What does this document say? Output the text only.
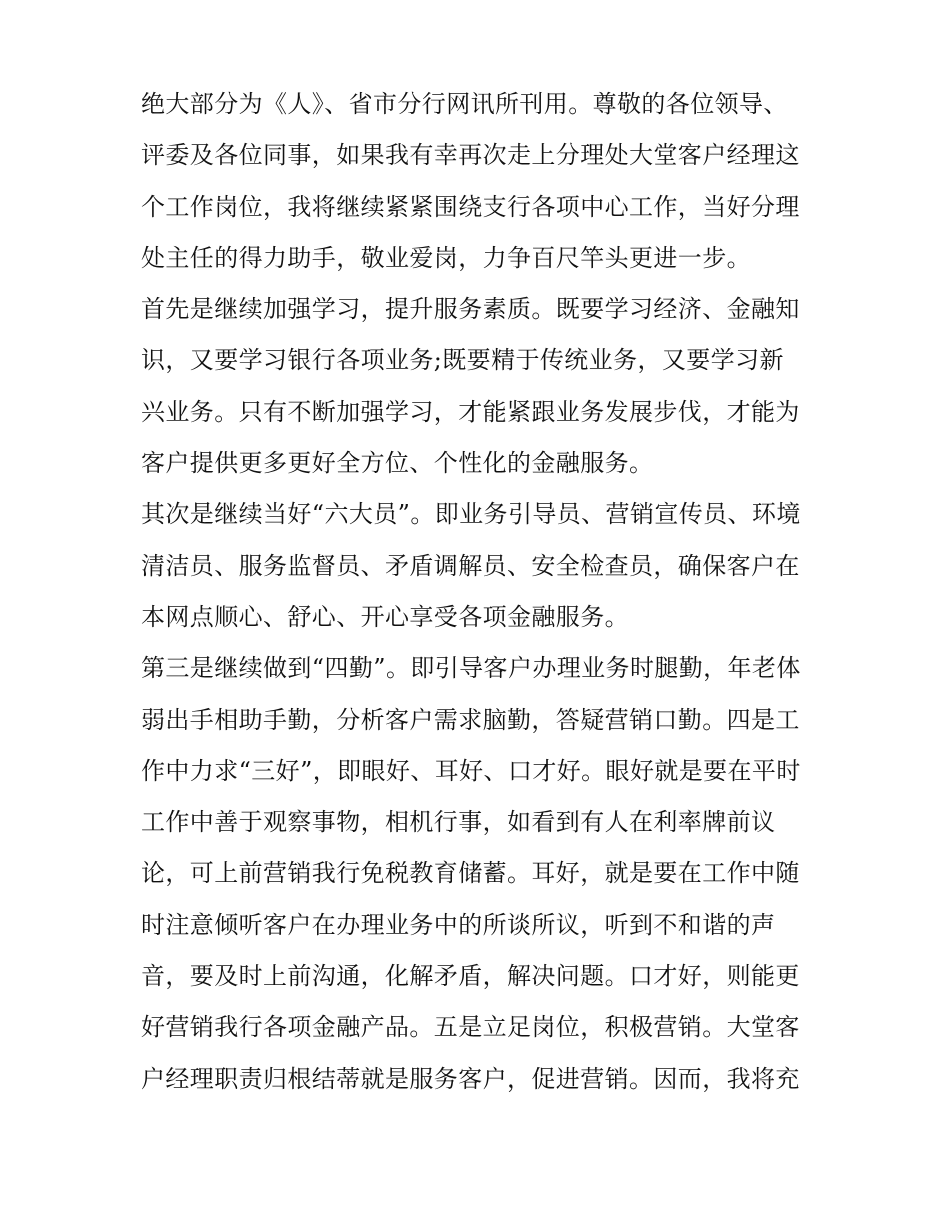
绝大部分为《人》、省市分行网讯所刊用。尊敬的各位领导、
评委及各位同事，如果我有幸再次走上分理处大堂客户经理这
个工作岗位，我将继续紧紧围绕支行各项中心工作，当好分理
处主任的得力助手，敬业爱岗，力争百尺竿头更进一步。
首先是继续加强学习，提升服务素质。既要学习经济、金融知
识，又要学习银行各项业务;既要精于传统业务，又要学习新
兴业务。只有不断加强学习，才能紧跟业务发展步伐，才能为
客户提供更多更好全方位、个性化的金融服务。
其次是继续当好“六大员”。即业务引导员、营销宣传员、环境
清洁员、服务监督员、矛盾调解员、安全检查员，确保客户在
本网点顺心、舒心、开心享受各项金融服务。
第三是继续做到“四勤”。即引导客户办理业务时腿勤，年老体
弱出手相助手勤，分析客户需求脑勤，答疑营销口勤。四是工
作中力求“三好”，即眼好、耳好、口才好。眼好就是要在平时
工作中善于观察事物，相机行事，如看到有人在利率牌前议
论，可上前营销我行免税教育储蓄。耳好，就是要在工作中随
时注意倾听客户在办理业务中的所谈所议，听到不和谐的声
音，要及时上前沟通，化解矛盾，解决问题。口才好，则能更
好营销我行各项金融产品。五是立足岗位，积极营销。大堂客
户经理职责归根结蒂就是服务客户，促进营销。因而，我将充
